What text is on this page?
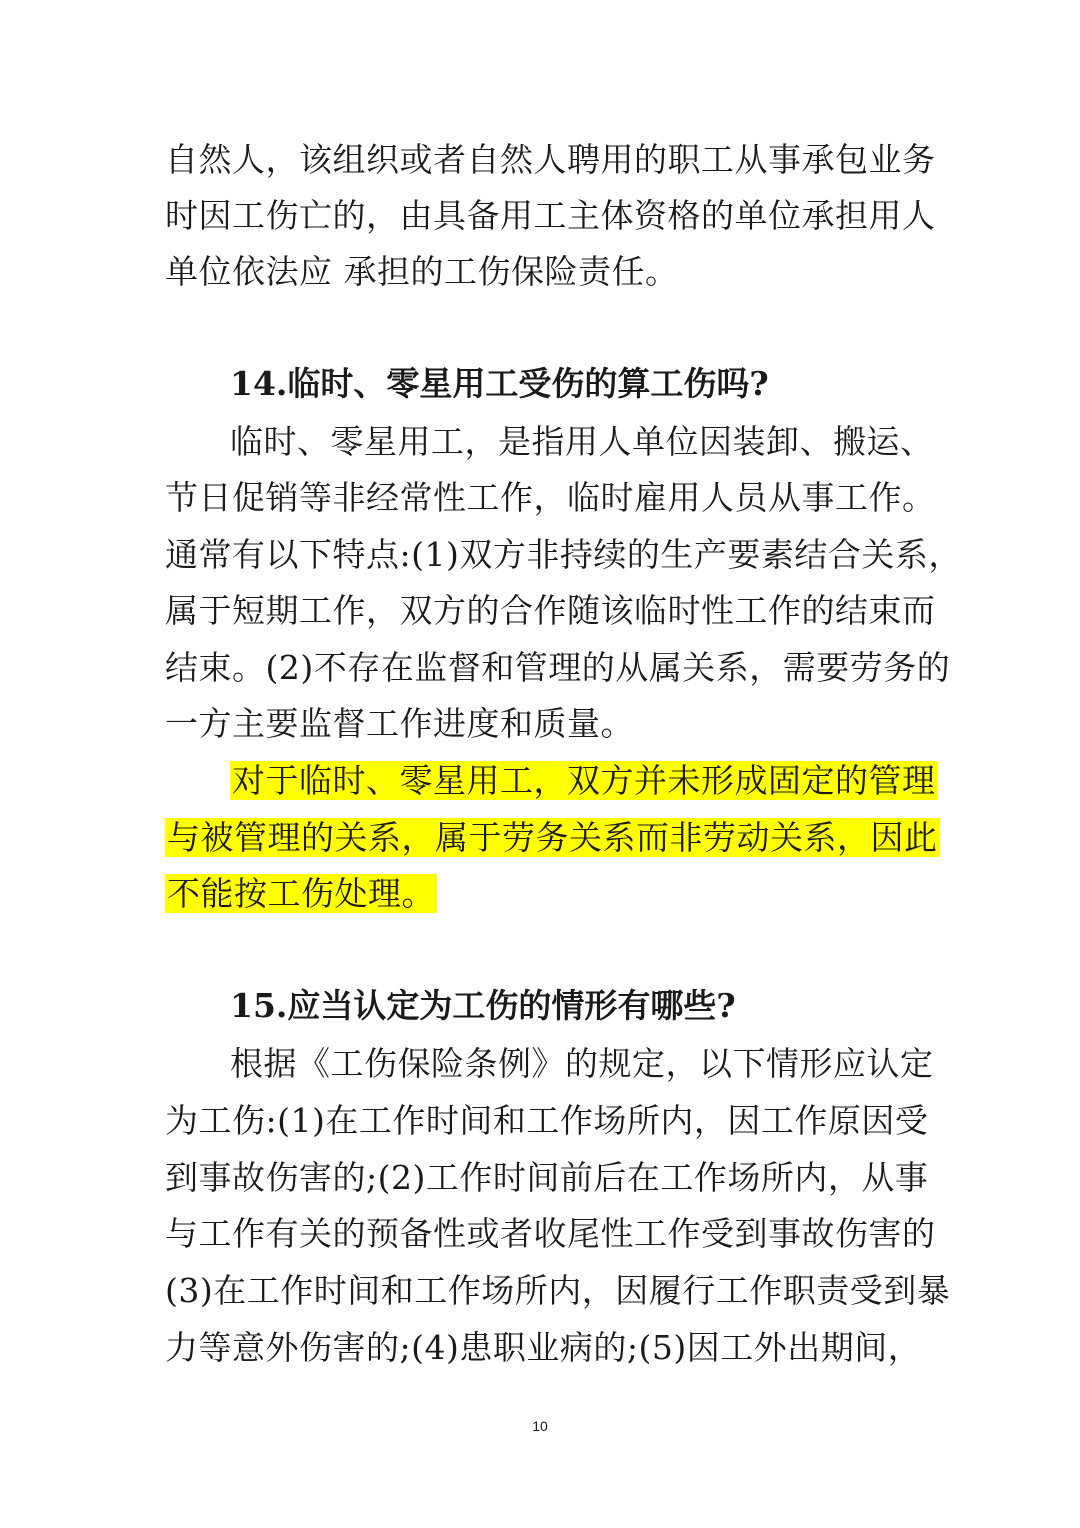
自然人，该组织或者自然人聘用的职工从事承包业务
时因工伤亡的，由具备用工主体资格的单位承担用人
单位依法应 承担的工伤保险责任。
14.临时、零星用工受伤的算工伤吗?
临时、零星用工，是指用人单位因装卸、搬运、
节日促销等非经常性工作，临时雇用人员从事工作。
通常有以下特点:(1)双方非持续的生产要素结合关系，
属于短期工作，双方的合作随该临时性工作的结束而
结束。(2)不存在监督和管理的从属关系，需要劳务的
一方主要监督工作进度和质量。
对于临时、零星用工，双方并未形成固定的管理
与被管理的关系，属于劳务关系而非劳动关系，因此
不能按工伤处理。
15.应当认定为工伤的情形有哪些?
根据《工伤保险条例》的规定，以下情形应认定
为工伤:(1)在工作时间和工作场所内，因工作原因受
到事故伤害的;(2)工作时间前后在工作场所内，从事
与工作有关的预备性或者收尾性工作受到事故伤害的
(3)在工作时间和工作场所内，因履行工作职责受到暴
力等意外伤害的;(4)患职业病的;(5)因工外出期间，
10
